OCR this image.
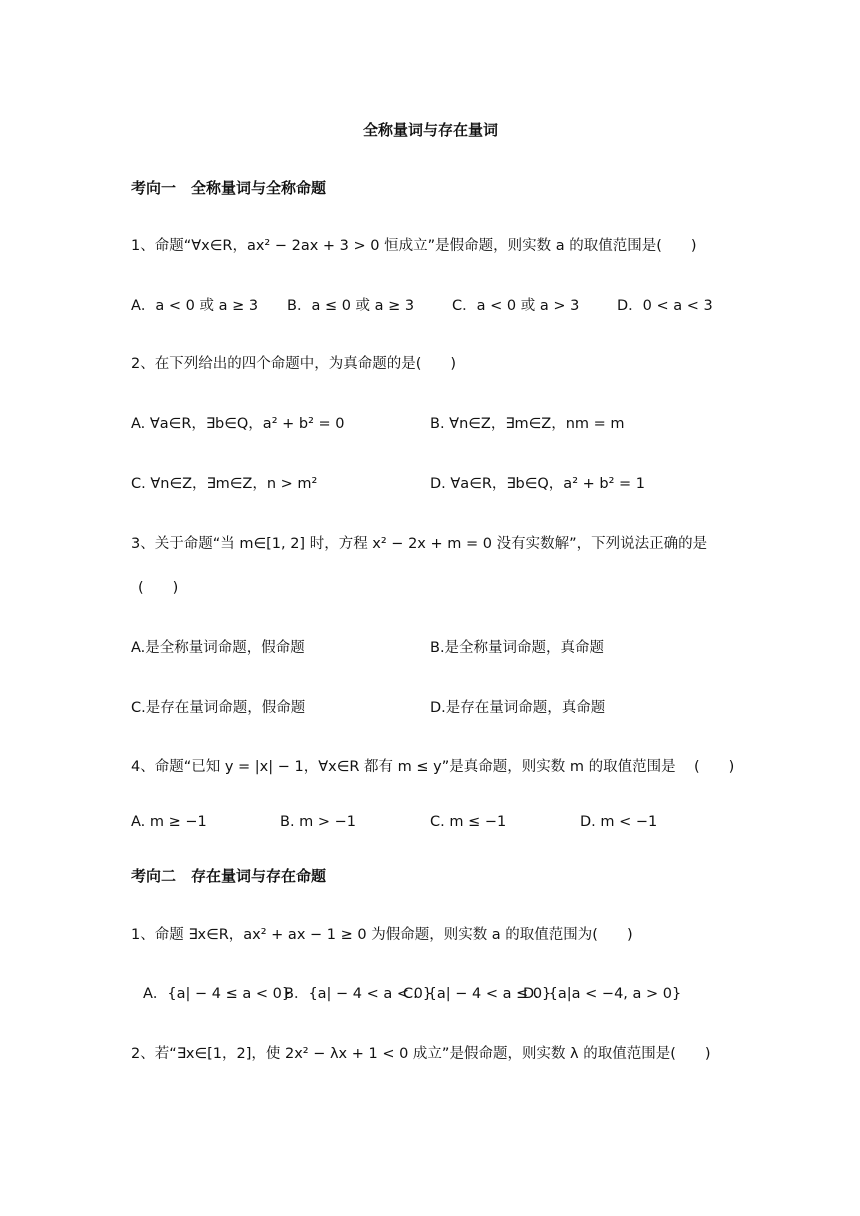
全称量词与存在量词
考向一　全称量词与全称命题
1、命题“∀x∈R，ax² − 2ax + 3 > 0 恒成立”是假命题，则实数 a 的取值范围是(　　)
A．a < 0 或 a ≥ 3 B．a ≤ 0 或 a ≥ 3	C．a < 0 或 a > 3	D．0 < a < 3
2、在下列给出的四个命题中，为真命题的是(　　)
A. ∀a∈R，∃b∈Q，a² + b² = 0	B. ∀n∈Z，∃m∈Z，nm = m
C. ∀n∈Z，∃m∈Z，n > m²	D. ∀a∈R，∃b∈Q，a² + b² = 1
3、关于命题“当 m∈[1, 2] 时，方程 x² − 2x + m = 0 没有实数解”，下列说法正确的是
(　　)
A.是全称量词命题，假命题	B.是全称量词命题，真命题
C.是存在量词命题，假命题	D.是存在量词命题，真命题
4、命题“已知 y = |x| − 1，∀x∈R 都有 m ≤ y”是真命题，则实数 m 的取值范围是 (　　)
A. m ≥ −1	B. m > −1	C. m ≤ −1	D. m < −1
考向二　存在量词与存在命题
1、命题 ∃x∈R，ax² + ax − 1 ≥ 0 为假命题，则实数 a 的取值范围为(　　)
A．{a| − 4 ≤ a < 0}
B．{a| − 4 < a < 0}
C．{a| − 4 < a ≤ 0}
D．{a|a < −4, a > 0}
2、若“∃x∈[1，2]，使 2x² − λx + 1 < 0 成立”是假命题，则实数 λ 的取值范围是(　　)
